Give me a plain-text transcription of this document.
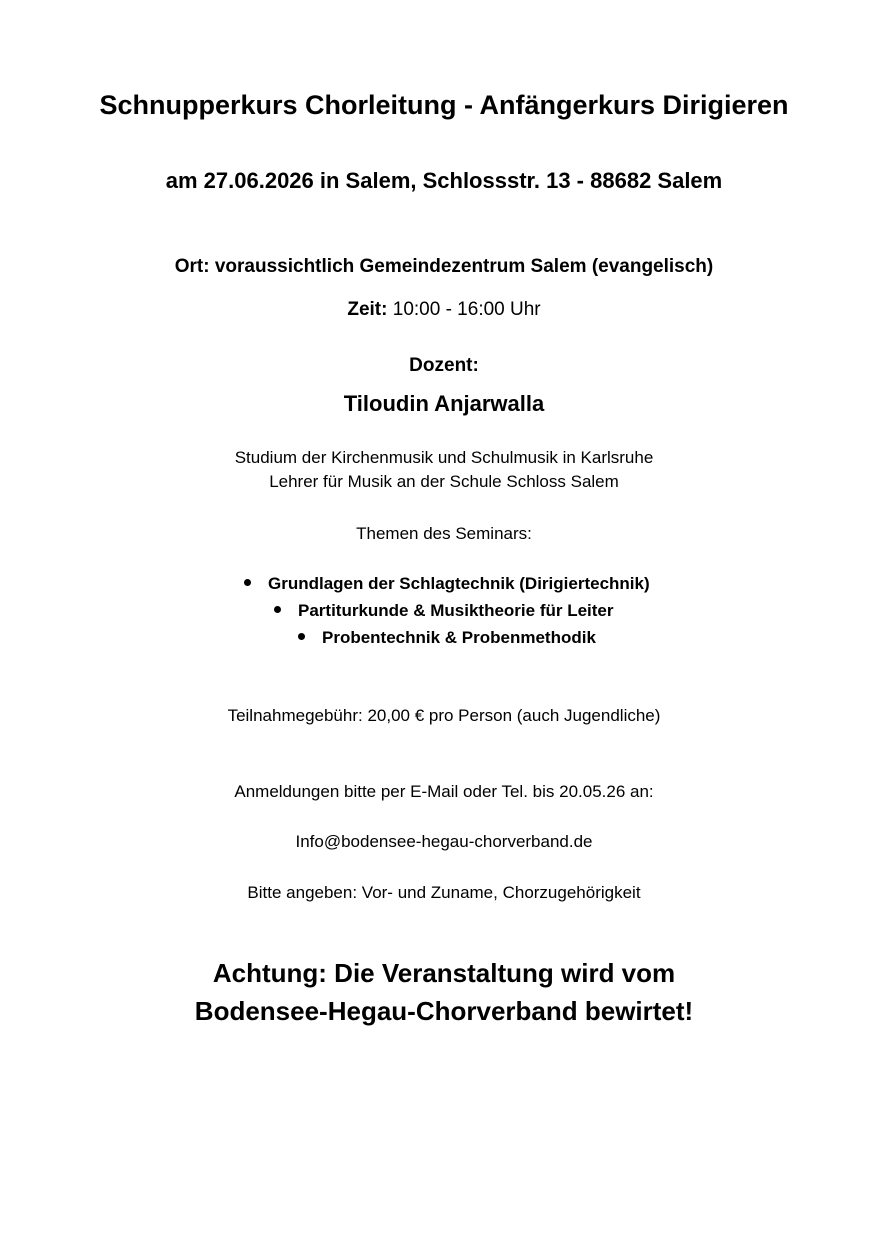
Schnupperkurs Chorleitung - Anfängerkurs Dirigieren

am 27.06.2026 in Salem, Schlossstr. 13 - 88682 Salem

Ort: voraussichtlich Gemeindezentrum Salem (evangelisch)

Zeit: 10:00 - 16:00 Uhr

Dozent:

Tiloudin Anjarwalla

Studium der Kirchenmusik und Schulmusik in Karlsruhe

Lehrer für Musik an der Schule Schloss Salem

Themen des Seminars:

Grundlagen der Schlagtechnik (Dirigiertechnik)
Partiturkunde & Musiktheorie für Leiter
Probentechnik & Probenmethodik

Teilnahmegebühr: 20,00 € pro Person (auch Jugendliche)

Anmeldungen bitte per E-Mail oder Tel. bis 20.05.26 an:

Info@bodensee-hegau-chorverband.de

Bitte angeben: Vor- und Zuname, Chorzugehörigkeit

Achtung: Die Veranstaltung wird vom

Bodensee-Hegau-Chorverband bewirtet!
